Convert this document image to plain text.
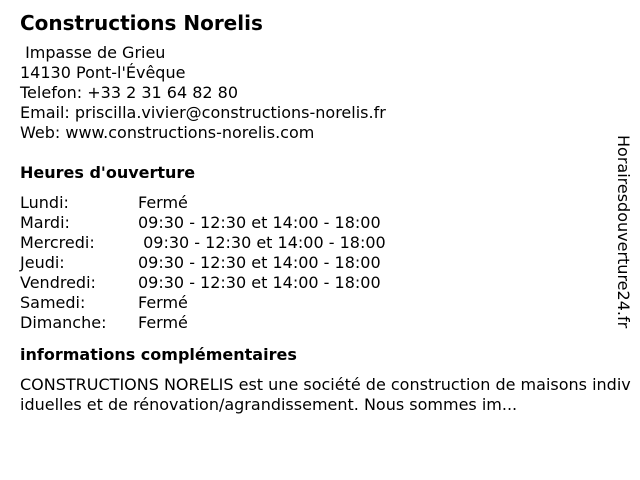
Constructions Norelis
Impasse de Grieu
14130 Pont-l'Évêque
Telefon: +33 2 31 64 82 80
Email: priscilla.vivier@constructions-norelis.fr
Web: www.constructions-norelis.com
Heures d'ouverture
Lundi:	Fermé
Mardi:	09:30 - 12:30 et 14:00 - 18:00
Mercredi:	09:30 - 12:30 et 14:00 - 18:00
Jeudi:	09:30 - 12:30 et 14:00 - 18:00
Vendredi:	09:30 - 12:30 et 14:00 - 18:00
Samedi:	Fermé
Dimanche:	Fermé
informations complémentaires
CONSTRUCTIONS NORELIS est une société de construction de maisons individuelles et de rénovation/agrandissement. Nous sommes im...
Horairesdouverture24.fr
